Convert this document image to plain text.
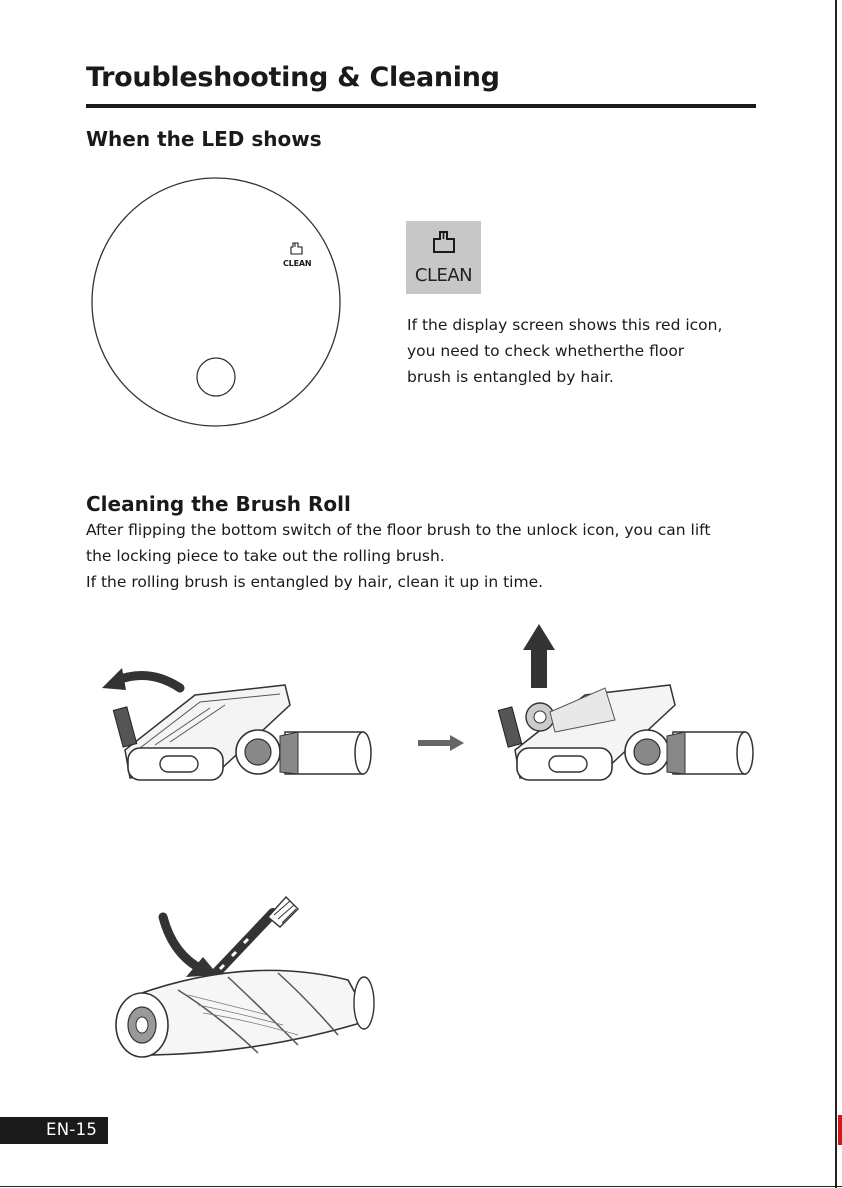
Troubleshooting & Cleaning
When the LED shows
CLEAN
CLEAN
If the display screen shows this red icon,
you need to check whetherthe floor
brush is entangled by hair.
Cleaning the Brush Roll
After flipping the bottom switch of the floor brush to the unlock icon, you can lift
the locking piece to take out the rolling brush.
If the rolling brush is entangled by hair, clean it up in time.
EN-15
